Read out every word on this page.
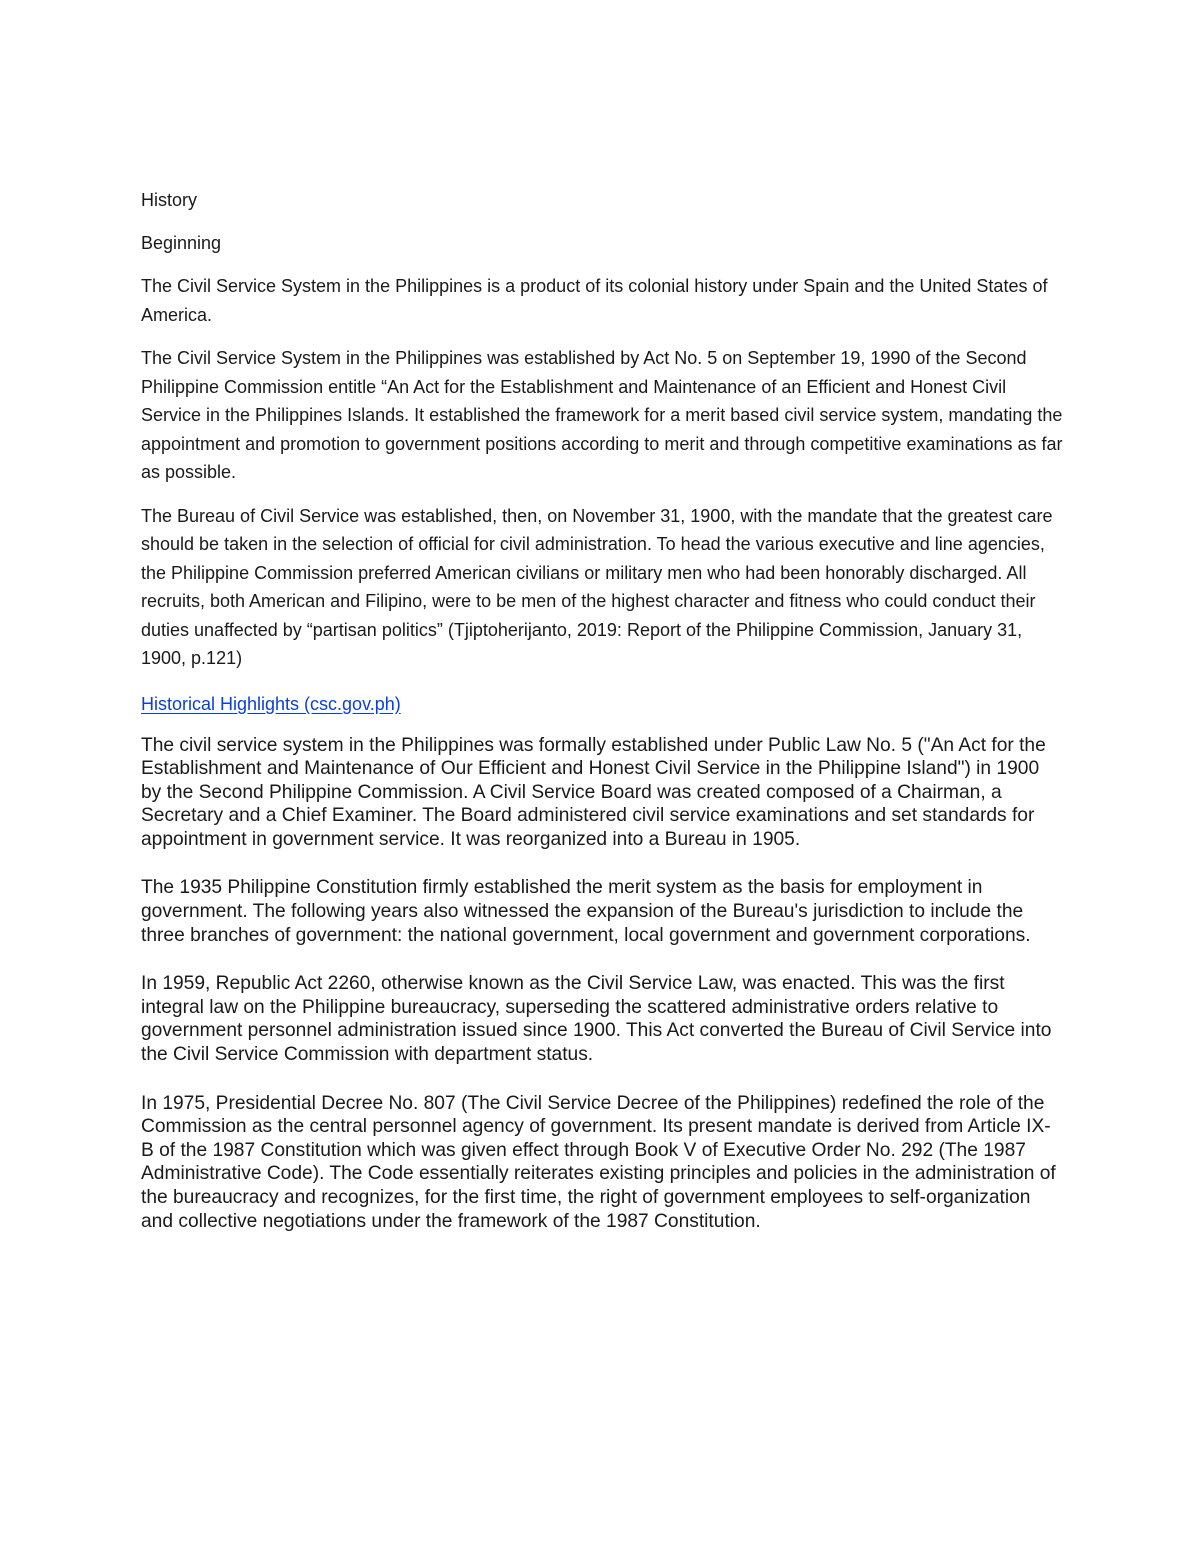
History

Beginning

The Civil Service System in the Philippines is a product of its colonial history under Spain and the United States of America.

The Civil Service System in the Philippines was established by Act No. 5 on September 19, 1990 of the Second Philippine Commission entitle “An Act for the Establishment and Maintenance of an Efficient and Honest Civil Service in the Philippines Islands. It established the framework for a merit based civil service system, mandating the appointment and promotion to government positions according to merit and through competitive examinations as far as possible.

The Bureau of Civil Service was established, then, on November 31, 1900, with the mandate that the greatest care should be taken in the selection of official for civil administration. To head the various executive and line agencies, the Philippine Commission preferred American civilians or military men who had been honorably discharged. All recruits, both American and Filipino, were to be men of the highest character and fitness who could conduct their duties unaffected by “partisan politics” (Tjiptoherijanto, 2019: Report of the Philippine Commission, January 31, 1900, p.121)

Historical Highlights (csc.gov.ph)

The civil service system in the Philippines was formally established under Public Law No. 5 ("An Act for the Establishment and Maintenance of Our Efficient and Honest Civil Service in the Philippine Island") in 1900 by the Second Philippine Commission. A Civil Service Board was created composed of a Chairman, a Secretary and a Chief Examiner. The Board administered civil service examinations and set standards for appointment in government service. It was reorganized into a Bureau in 1905.

The 1935 Philippine Constitution firmly established the merit system as the basis for employment in government. The following years also witnessed the expansion of the Bureau's jurisdiction to include the three branches of government: the national government, local government and government corporations.

In 1959, Republic Act 2260, otherwise known as the Civil Service Law, was enacted. This was the first integral law on the Philippine bureaucracy, superseding the scattered administrative orders relative to government personnel administration issued since 1900. This Act converted the Bureau of Civil Service into the Civil Service Commission with department status.

In 1975, Presidential Decree No. 807 (The Civil Service Decree of the Philippines) redefined the role of the Commission as the central personnel agency of government. Its present mandate is derived from Article IX-B of the 1987 Constitution which was given effect through Book V of Executive Order No. 292 (The 1987 Administrative Code). The Code essentially reiterates existing principles and policies in the administration of the bureaucracy and recognizes, for the first time, the right of government employees to self-organization and collective negotiations under the framework of the 1987 Constitution.
